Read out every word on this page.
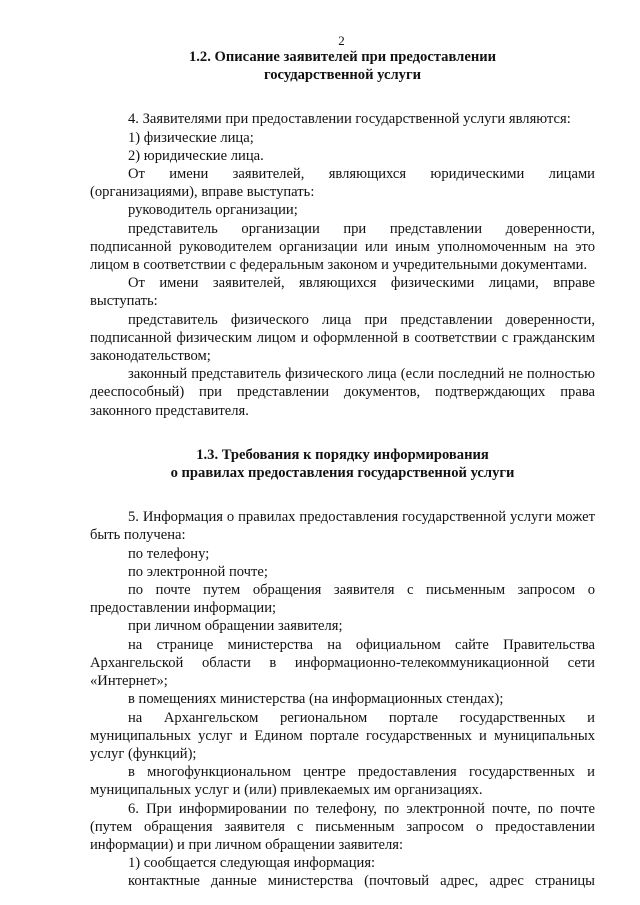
2
1.2. Описание заявителей при предоставлении
государственной услуги

4. Заявителями при предоставлении государственной услуги являются:

1) физические лица;

2) юридические лица.

От имени заявителей, являющихся юридическими лицами (организациями), вправе выступать:

руководитель организации;

представитель организации при представлении доверенности, подписанной руководителем организации или иным уполномоченным на это лицом в соответствии с федеральным законом и учредительными документами.

От имени заявителей, являющихся физическими лицами, вправе выступать:

представитель физического лица при представлении доверенности, подписанной физическим лицом и оформленной в соответствии с гражданским законодательством;

законный представитель физического лица (если последний не полностью дееспособный) при представлении документов, подтверждающих права законного представителя.

1.3. Требования к порядку информирования
о правилах предоставления государственной услуги

5. Информация о правилах предоставления государственной услуги может быть получена:

по телефону;

по электронной почте;

по почте путем обращения заявителя с письменным запросом о предоставлении информации;

при личном обращении заявителя;

на странице министерства на официальном сайте Правительства Архангельской области в информационно-телекоммуникационной сети «Интернет»;

в помещениях министерства (на информационных стендах);

на Архангельском региональном портале государственных и муниципальных услуг и Едином портале государственных и муниципальных услуг (функций);

в многофункциональном центре предоставления государственных и муниципальных услуг и (или) привлекаемых им организациях.

6. При информировании по телефону, по электронной почте, по почте (путем обращения заявителя с письменным запросом о предоставлении информации) и при личном обращении заявителя:

1) сообщается следующая информация:

контактные данные министерства (почтовый адрес, адрес страницы
